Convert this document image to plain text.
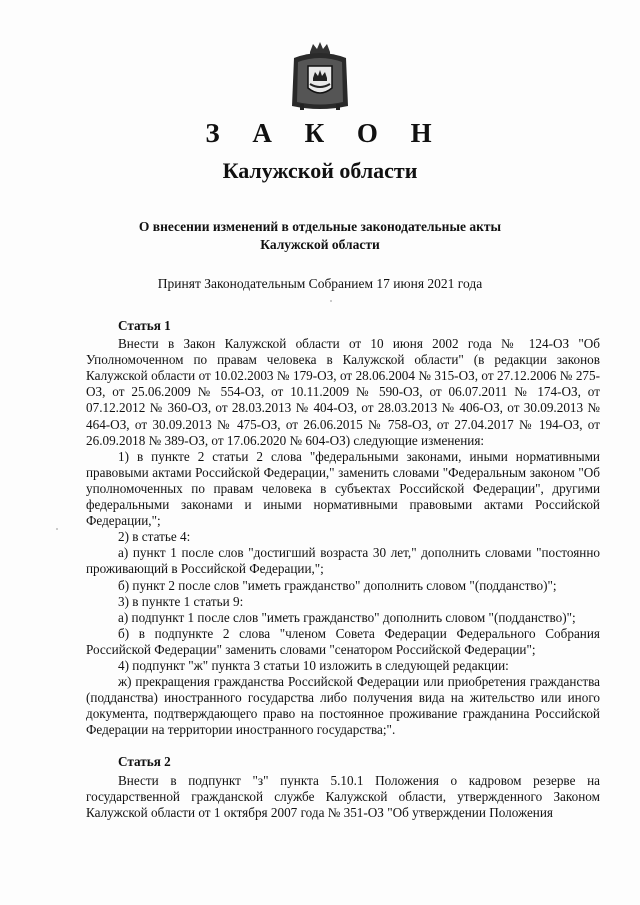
З А К О Н
Калужской области
О внесении изменений в отдельные законодательные акты
Калужской области
Принят Законодательным Собранием 17 июня 2021 года
Статья 1

Внести в Закон Калужской области от 10 июня 2002 года № 124-ОЗ "Об Уполномоченном по правам человека в Калужской области" (в редакции законов Калужской области от 10.02.2003 № 179-ОЗ, от 28.06.2004 № 315-ОЗ, от 27.12.2006 № 275-ОЗ, от 25.06.2009 № 554-ОЗ, от 10.11.2009 № 590-ОЗ, от 06.07.2011 № 174-ОЗ, от 07.12.2012 № 360-ОЗ, от 28.03.2013 № 404-ОЗ, от 28.03.2013 № 406-ОЗ, от 30.09.2013 № 464-ОЗ, от 30.09.2013 № 475-ОЗ, от 26.06.2015 № 758-ОЗ, от 27.04.2017 № 194-ОЗ, от 26.09.2018 № 389-ОЗ, от 17.06.2020 № 604-ОЗ) следующие изменения:

1) в пункте 2 статьи 2 слова "федеральными законами, иными нормативными правовыми актами Российской Федерации," заменить словами "Федеральным законом "Об уполномоченных по правам человека в субъектах Российской Федерации", другими федеральными законами и иными нормативными правовыми актами Российской Федерации,";

2) в статье 4:

а) пункт 1 после слов "достигший возраста 30 лет," дополнить словами "постоянно проживающий в Российской Федерации,";

б) пункт 2 после слов "иметь гражданство" дополнить словом "(подданство)";

3) в пункте 1 статьи 9:

а) подпункт 1 после слов "иметь гражданство" дополнить словом "(подданство)";

б) в подпункте 2 слова "членом Совета Федерации Федерального Собрания Российской Федерации" заменить словами "сенатором Российской Федерации";

4) подпункт "ж" пункта 3 статьи 10 изложить в следующей редакции:

ж) прекращения гражданства Российской Федерации или приобретения гражданства (подданства) иностранного государства либо получения вида на жительство или иного документа, подтверждающего право на постоянное проживание гражданина Российской Федерации на территории иностранного государства;".

Статья 2

Внести в подпункт "з" пункта 5.10.1 Положения о кадровом резерве на государственной гражданской службе Калужской области, утвержденного Законом Калужской области от 1 октября 2007 года № 351-ОЗ "Об утверждении Положения
